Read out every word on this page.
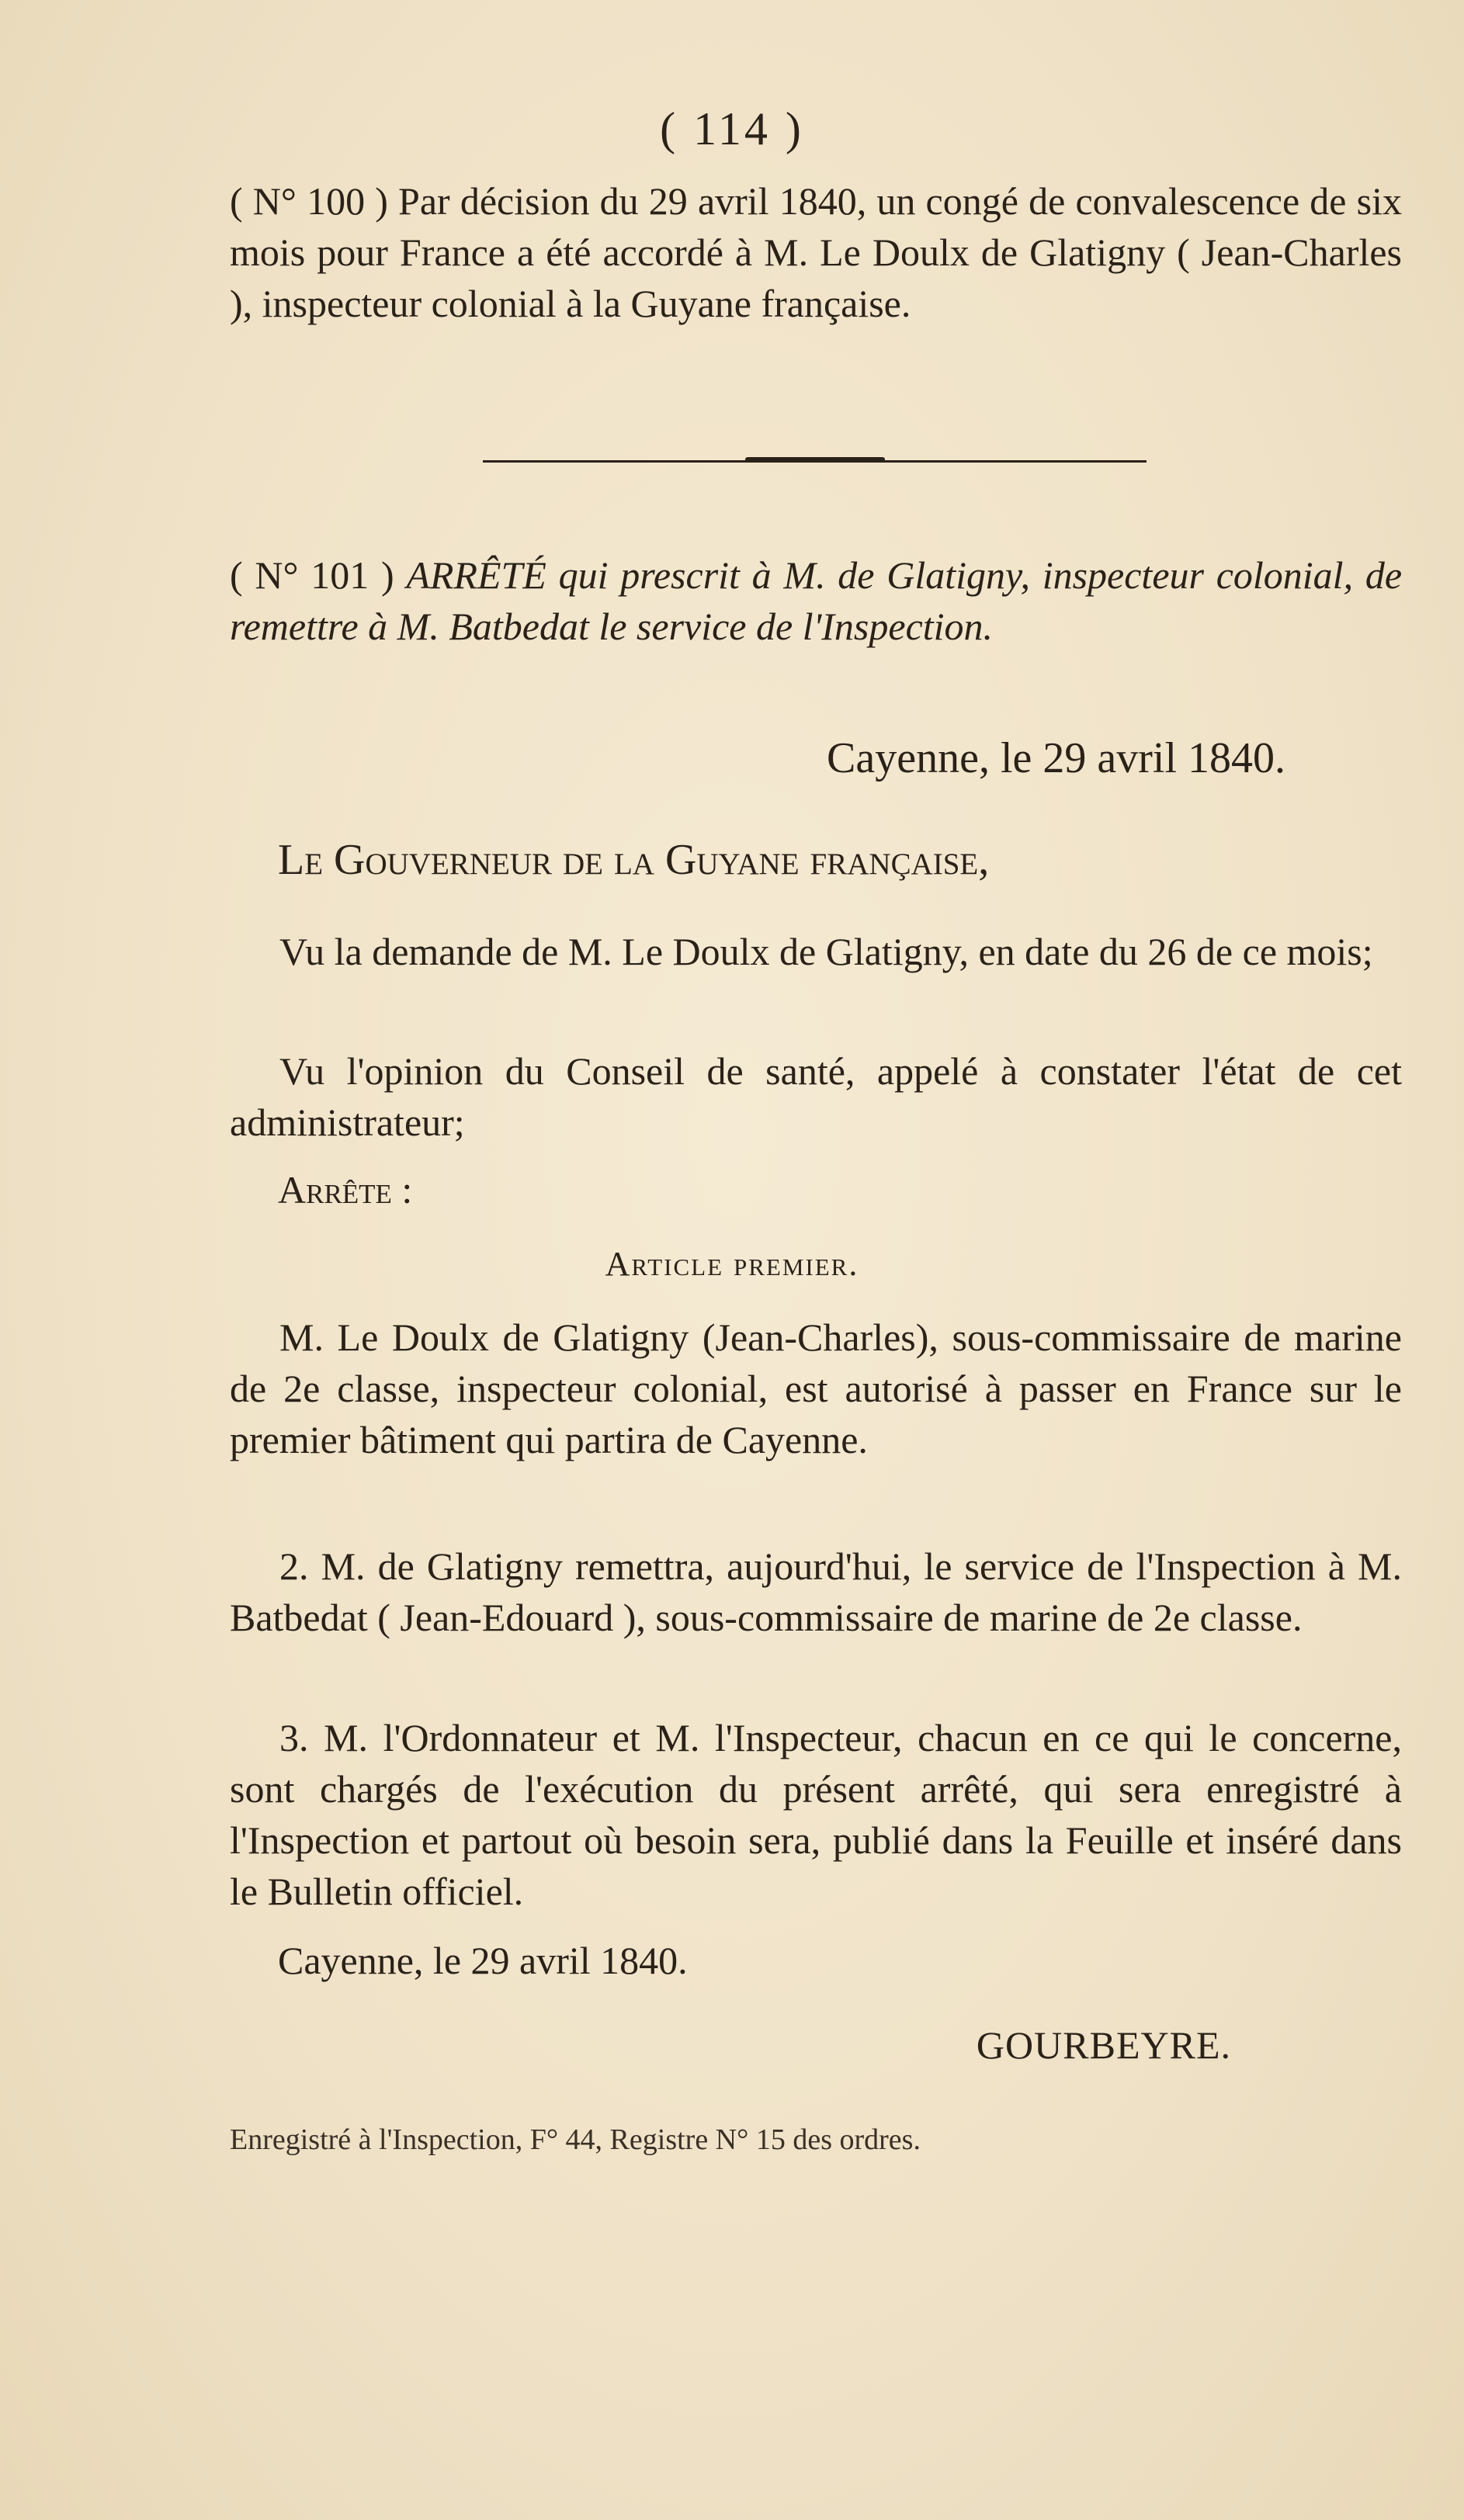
( 114 )
( N° 100 ) Par décision du 29 avril 1840, un congé de convalescence de six mois pour France a été accordé à M. Le Doulx de Glatigny ( Jean-Charles ), inspecteur colonial à la Guyane française.
( N° 101 ) ARRÊTÉ qui prescrit à M. de Glatigny, inspecteur colonial, de remettre à M. Batbedat le service de l'Inspection.
Cayenne, le 29 avril 1840.
Le Gouverneur de la Guyane française,
Vu la demande de M. Le Doulx de Glatigny, en date du 26 de ce mois;
Vu l'opinion du Conseil de santé, appelé à constater l'état de cet administrateur;
Arrête :
Article premier.
M. Le Doulx de Glatigny (Jean-Charles), sous-commissaire de marine de 2e classe, inspecteur colonial, est autorisé à passer en France sur le premier bâtiment qui partira de Cayenne.
2. M. de Glatigny remettra, aujourd'hui, le service de l'Inspection à M. Batbedat ( Jean-Edouard ), sous-commissaire de marine de 2e classe.
3. M. l'Ordonnateur et M. l'Inspecteur, chacun en ce qui le concerne, sont chargés de l'exécution du présent arrêté, qui sera enregistré à l'Inspection et partout où besoin sera, publié dans la Feuille et inséré dans le Bulletin officiel.
Cayenne, le 29 avril 1840.
GOURBEYRE.
Enregistré à l'Inspection, F° 44, Registre N° 15 des ordres.
